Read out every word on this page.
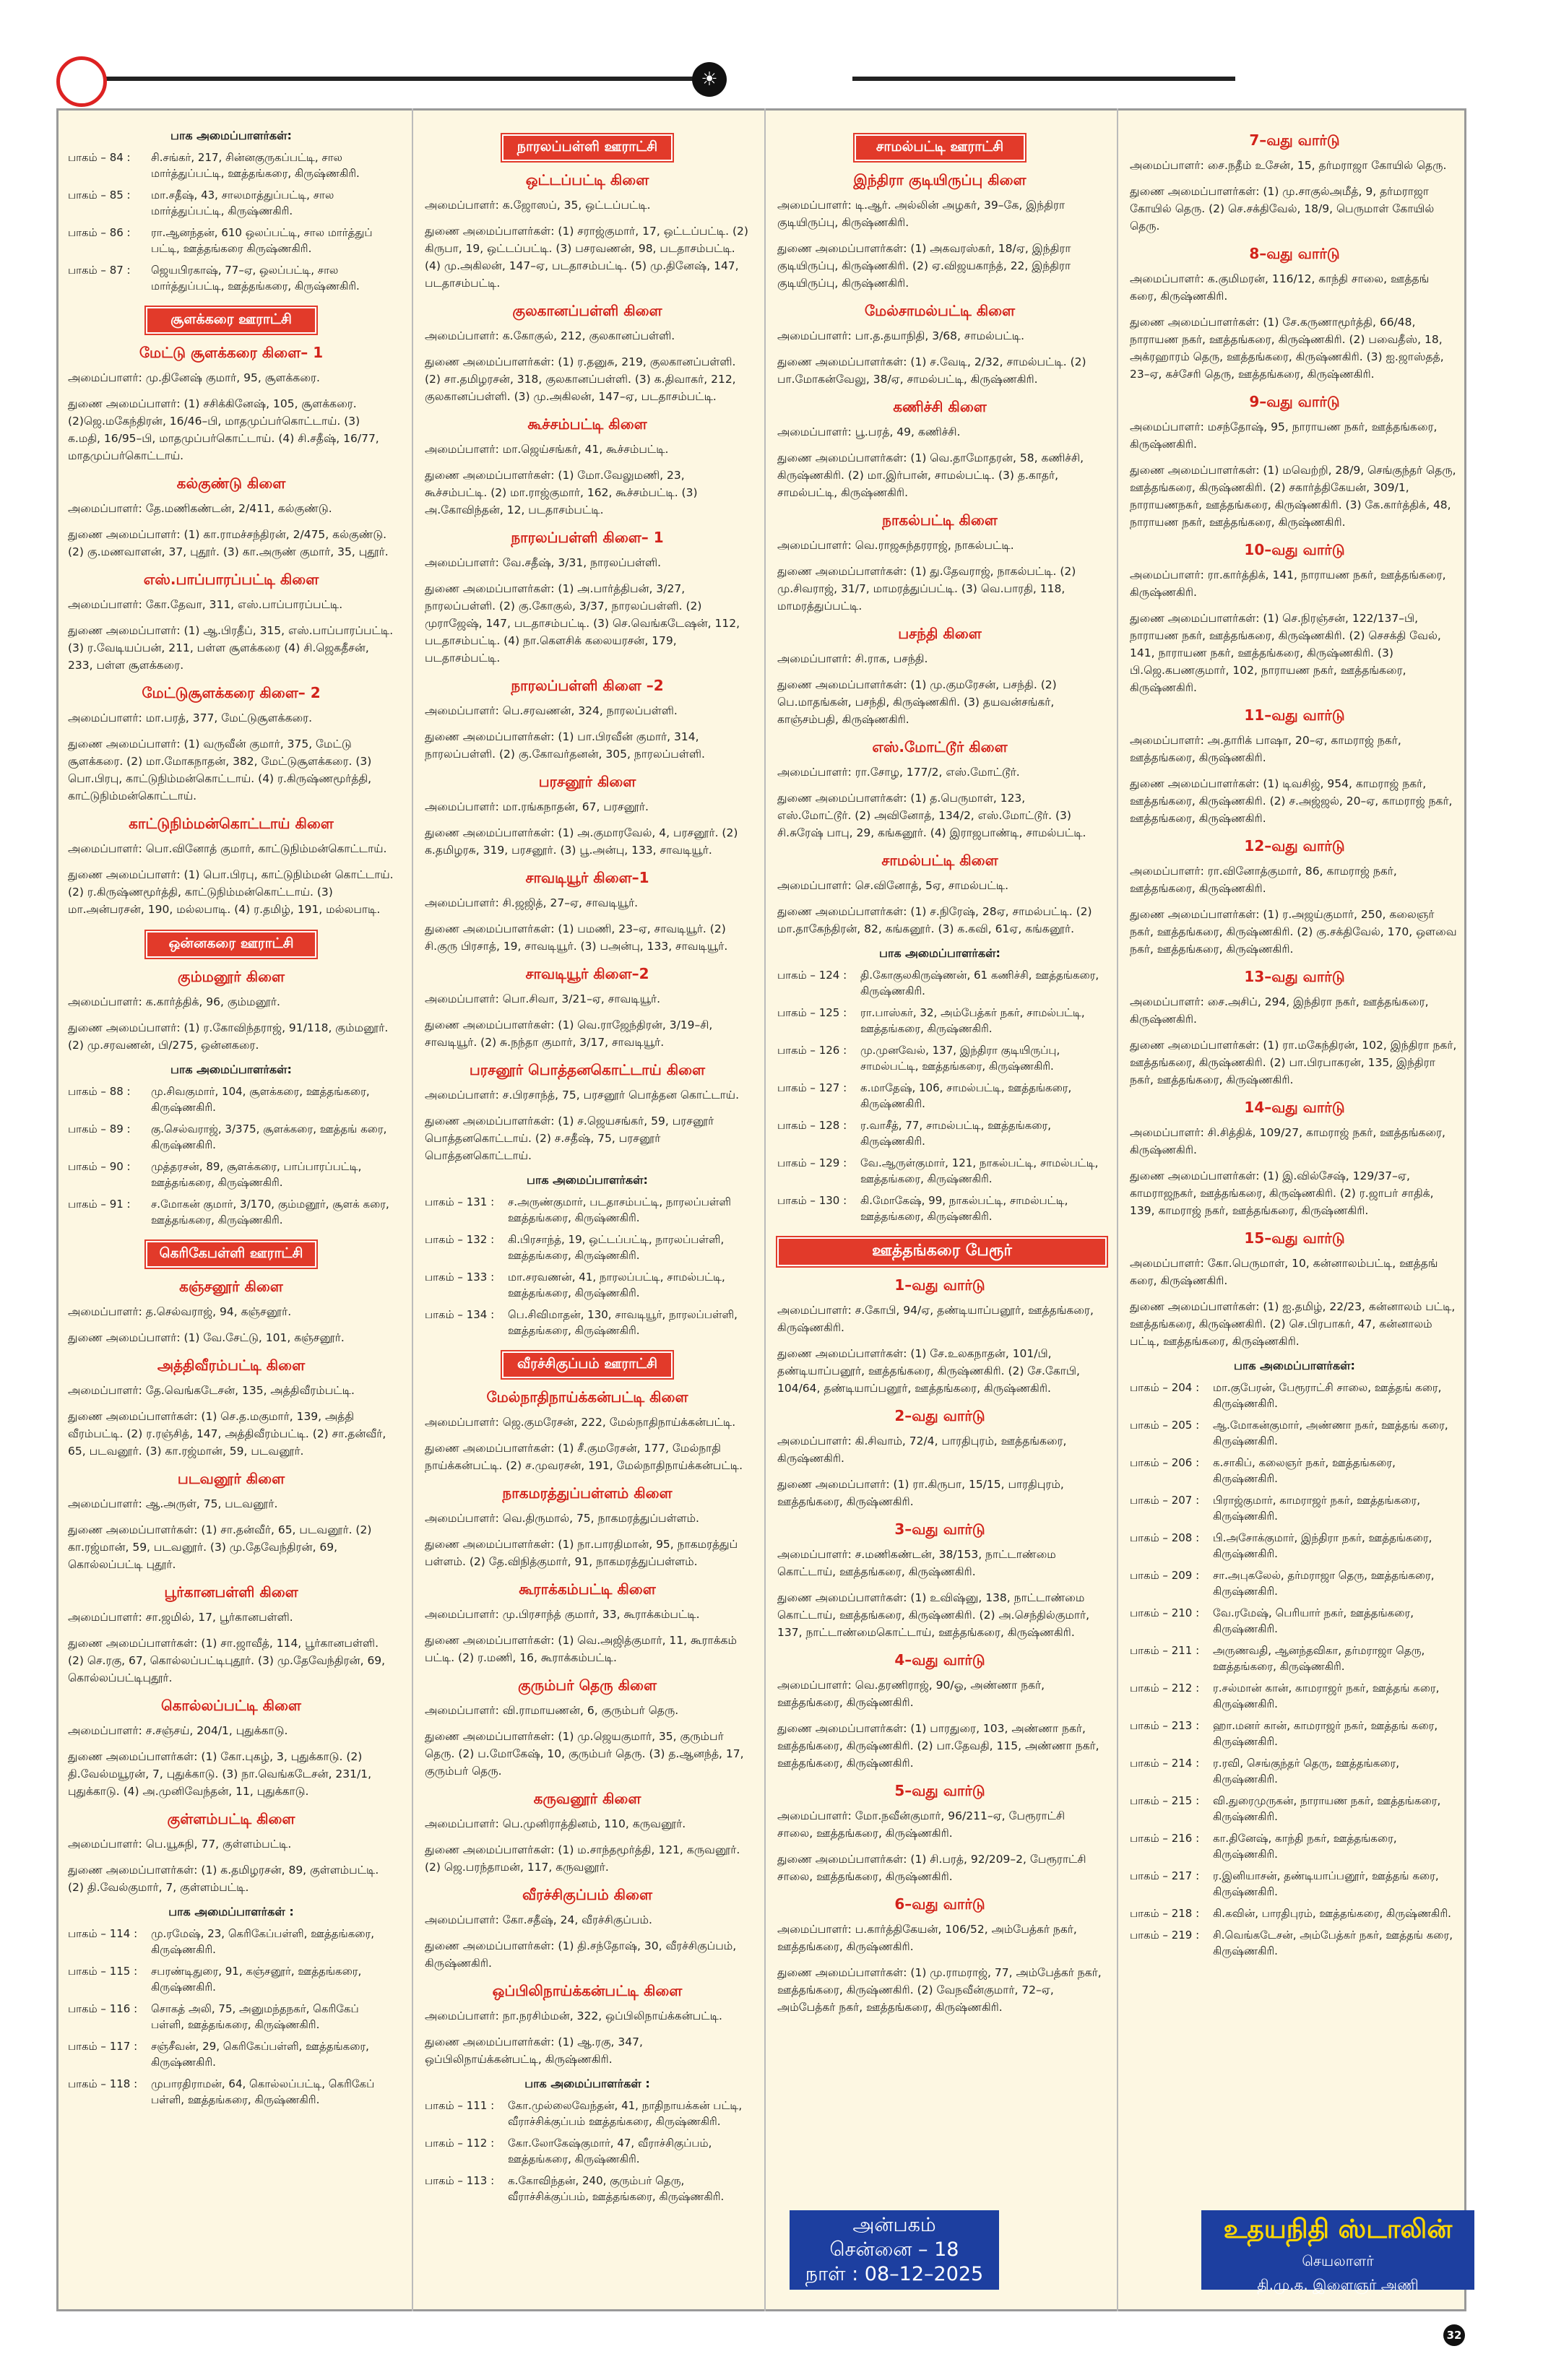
☀
பாக அமைப்பாளர்கள்:
பாகம் – 84 :	சி.சங்கர், 217, சின்னகுருகப்பட்டி, சால மார்த்துப்பட்டி, ஊத்தங்கரை, கிருஷ்ணகிரி.
பாகம் – 85 :	மா.சதீஷ், 43, சாலமாத்துப்பட்டி, சால மார்த்துப்பட்டி, கிருஷ்ணகிரி.
பாகம் – 86 :	ரா.ஆனந்தன், 610 ஒலப்பட்டி, சால மார்த்துப் பட்டி, ஊத்தங்கரை கிருஷ்ணகிரி.
பாகம் – 87 :	ஜெயபிரகாஷ், 77–ஏ, ஒலப்பட்டி, சால மார்த்துப்பட்டி, ஊத்தங்கரை, கிருஷ்ணகிரி.
சூளக்கரை ஊராட்சி
மேட்டு சூளக்கரை கிளை– 1

அமைப்பாளர்: மு.தினேஷ் குமார், 95, சூளக்கரை.

துணை அமைப்பாளர்: (1) சசிக்கினேஷ், 105, சூளக்கரை. (2)ஜெ.மகேந்திரன், 16/46–பி, மாதமுப்பர்கொட்டாய். (3) க.மதி, 16/95–பி, மாதமுப்பர்கொட்டாய். (4) சி.சதீஷ், 16/77, மாதமுப்பர்கொட்டாய்.

கல்குண்டு கிளை

அமைப்பாளர்: தே.மணிகண்டன், 2/411, கல்குண்டு.

துணை அமைப்பாளர்: (1) கா.ராமச்சந்திரன், 2/475, கல்குண்டு. (2) கு.மணவாளன், 37, புதூர். (3) கா.அருண் குமார், 35, புதூர்.

எஸ்.பாப்பாரப்பட்டி கிளை

அமைப்பாளர்: கோ.தேவா, 311, எஸ்.பாப்பாரப்பட்டி.

துணை அமைப்பாளர்: (1) ஆ.பிரதீப், 315, எஸ்.பாப்பாரப்பட்டி. (3) ர.வேடியப்பன், 211, பள்ள சூளக்கரை (4) சி.ஜெகதீசன், 233, பள்ள சூளக்கரை.

மேட்டுசூளக்கரை கிளை– 2

அமைப்பாளர்: மா.பரத், 377, மேட்டுசூளக்கரை.

துணை அமைப்பாளர்: (1) வருவீன் குமார், 375, மேட்டு சூளக்கரை. (2) மா.மோகநாதன், 382, மேட்டுசூளக்கரை. (3) பொ.பிரபு, காட்டுநிம்மன்கொட்டாய். (4) ர.கிருஷ்ணமூர்த்தி, காட்டுநிம்மன்கொட்டாய்.

காட்டுநிம்மன்கொட்டாய் கிளை

அமைப்பாளர்: பொ.வினோத் குமார், காட்டுநிம்மன்கொட்டாய்.

துணை அமைப்பாளர்: (1) பொ.பிரபு, காட்டுநிம்மன் கொட்டாய். (2) ர.கிருஷ்ணமூர்த்தி, காட்டுநிம்மன்கொட்டாய். (3) மா.அன்பரசன், 190, மல்லபாடி. (4) ர.தமிழ், 191, மல்லபாடி.

ஒன்னகரை ஊராட்சி
கும்மனூர் கிளை

அமைப்பாளர்: க.கார்த்திக், 96, கும்மனூர்.

துணை அமைப்பாளர்: (1) ர.கோவிந்தராஜ், 91/118, கும்மனூர். (2) மு.சரவணன், பி/275, ஒன்னகரை.

பாக அமைப்பாளர்கள்:
பாகம் – 88 :	மு.சிவகுமார், 104, சூளக்கரை, ஊத்தங்கரை, கிருஷ்ணகிரி.
பாகம் – 89 :	கு.செல்வராஜ், 3/375, சூளக்கரை, ஊத்தங் கரை, கிருஷ்ணகிரி.
பாகம் – 90 :	முத்தரசன், 89, சூளக்கரை, பாப்பாரப்பட்டி, ஊத்தங்கரை, கிருஷ்ணகிரி.
பாகம் – 91 :	ச.மோகன் குமார், 3/170, கும்மனூர், சூளக் கரை, ஊத்தங்கரை, கிருஷ்ணகிரி.
கெரிகேபள்ளி ஊராட்சி
கஞ்சனூர் கிளை

அமைப்பாளர்: த.செல்வராஜ், 94, கஞ்சனூர்.

துணை அமைப்பாளர்: (1) வே.சேட்டு, 101, கஞ்சனூர்.

அத்திவீரம்பட்டி கிளை

அமைப்பாளர்: தே.வெங்கடேசன், 135, அத்திவீரம்பட்டி.

துணை அமைப்பாளர்கள்: (1) செ.த.மகுமார், 139, அத்தி வீரம்பட்டி. (2) ர.ரஞ்சித், 147, அத்திவீரம்பட்டி. (2) சா.தன்வீர், 65, படவனூர். (3) கா.ரஜ்மான், 59, படவனூர்.

படவனூர் கிளை

அமைப்பாளர்: ஆ.அருள், 75, படவனூர்.

துணை அமைப்பாளர்கள்: (1) சா.தன்வீர், 65, படவனூர். (2) கா.ரஜ்மான், 59, படவனூர். (3) மு.தேவேந்திரன், 69, கொல்லப்பட்டி புதூர்.

பூர்கானபள்ளி கிளை

அமைப்பாளர்: சா.ஜமில், 17, பூர்கானபள்ளி.

துணை அமைப்பாளர்கள்: (1) சா.ஜாவீத், 114, பூர்கானபள்ளி. (2) செ.ரகு, 67, கொல்லப்பட்டிபுதூர். (3) மு.தேவேந்திரன், 69, கொல்லப்பட்டிபுதூர்.

கொல்லப்பட்டி கிளை

அமைப்பாளர்: ச.சஞ்சய், 204/1, புதுக்காடு.

துணை அமைப்பாளர்கள்: (1) கோ.புகழ், 3, புதுக்காடு. (2) தி.வேல்மயூரன், 7, புதுக்காடு. (3) நா.வெங்கடேசன், 231/1, புதுக்காடு. (4) அ.முனிவேந்தன், 11, புதுக்காடு.

குள்ளம்பட்டி கிளை

அமைப்பாளர்: பெ.யூசுநி, 77, குள்ளம்பட்டி.

துணை அமைப்பாளர்கள்: (1) க.தமிழரசன், 89, குள்ளம்பட்டி. (2) தி.வேல்குமார், 7, குள்ளம்பட்டி.

பாக அமைப்பாளர்கள் :
பாகம் – 114 :	மு.ரமேஷ், 23, கெரிகேப்பள்ளி, ஊத்தங்கரை, கிருஷ்ணகிரி.
பாகம் – 115 :	சபரண்டிதுரை, 91, கஞ்சனூர், ஊத்தங்கரை, கிருஷ்ணகிரி.
பாகம் – 116 :	சொகத் அலி, 75, அனுமந்தநகர், கெரிகேப் பள்ளி, ஊத்தங்கரை, கிருஷ்ணகிரி.
பாகம் – 117 :	சஞ்சீவன், 29, கெரிகேப்பள்ளி, ஊத்தங்கரை, கிருஷ்ணகிரி.
பாகம் – 118 :	முபாரதிராமன், 64, கொல்லப்பட்டி, கெரிகேப் பள்ளி, ஊத்தங்கரை, கிருஷ்ணகிரி.
நாரலப்பள்ளி ஊராட்சி
ஒட்டப்பட்டி கிளை

அமைப்பாளர்: க.ஜோஸப், 35, ஒட்டப்பட்டி.

துணை அமைப்பாளர்கள்: (1) சராஜ்குமார், 17, ஒட்டப்பட்டி. (2) கிருபா, 19, ஒட்டப்பட்டி. (3) பசரவணன், 98, படதாசம்பட்டி. (4) மு.அகிலன், 147–ஏ, படதாசம்பட்டி. (5) மு.தினேஷ், 147, படதாசம்பட்டி.

குலகானப்பள்ளி கிளை

அமைப்பாளர்: க.கோகுல், 212, குலகானப்பள்ளி.

துணை அமைப்பாளர்கள்: (1) ர.தனுசு, 219, குலகானப்பள்ளி. (2) சா.தமிழரசன், 318, குலகானப்பள்ளி. (3) க.திவாகர், 212, குலகானப்பள்ளி. (3) மு.அகிலன், 147–ஏ, படதாசம்பட்டி.

கூச்சம்பட்டி கிளை

அமைப்பாளர்: மா.ஜெய்சங்கர், 41, கூச்சம்பட்டி.

துணை அமைப்பாளர்கள்: (1) மோ.வேலுமணி, 23, கூச்சம்பட்டி. (2) மா.ராஜ்குமார், 162, கூச்சம்பட்டி. (3) அ.கோவிந்தன், 12, படதாசம்பட்டி.

நாரலப்பள்ளி கிளை– 1

அமைப்பாளர்: வே.சதீஷ், 3/31, நாரலப்பள்ளி.

துணை அமைப்பாளர்கள்: (1) அ.பார்த்திபன், 3/27, நாரலப்பள்ளி. (2) கு.கோகுல், 3/37, நாரலப்பள்ளி. (2) முராஜேஷ், 147, படதாசம்பட்டி. (3) செ.வெங்கடேஷன், 112, படதாசம்பட்டி. (4) நா.கௌசிக் கலையரசன், 179, படதாசம்பட்டி.

நாரலப்பள்ளி கிளை –2

அமைப்பாளர்: பெ.சரவணன், 324, நாரலப்பள்ளி.

துணை அமைப்பாளர்கள்: (1) பா.பிரவீன் குமார், 314, நாரலப்பள்ளி. (2) கு.கோவர்தனன், 305, நாரலப்பள்ளி.

பரசனூர் கிளை

அமைப்பாளர்: மா.ரங்கநாதன், 67, பரசனூர்.

துணை அமைப்பாளர்கள்: (1) அ.குமாரவேல், 4, பரசனூர். (2) க.தமிழரசு, 319, பரசனூர். (3) பூ.அன்பு, 133, சாவடியூர்.

சாவடியூர் கிளை–1

அமைப்பாளர்: சி.ஜஜித், 27–ஏ, சாவடியூர்.

துணை அமைப்பாளர்கள்: (1) பமணி, 23–ஏ, சாவடியூர். (2) சி.குரு பிரசாத், 19, சாவடியூர். (3) பஅன்பு, 133, சாவடியூர்.

சாவடியூர் கிளை–2

அமைப்பாளர்: பொ.சிவா, 3/21–ஏ, சாவடியூர்.

துணை அமைப்பாளர்கள்: (1) வெ.ராஜேந்திரன், 3/19–சி, சாவடியூர். (2) சு.நந்தா குமார், 3/17, சாவடியூர்.

பரசனூர் பொத்தனகொட்டாய் கிளை

அமைப்பாளர்: ச.பிரசாந்த், 75, பரசனூர் பொத்தன கொட்டாய்.

துணை அமைப்பாளர்கள்: (1) ச.ஜெயசங்கர், 59, பரசனூர் பொத்தனகொட்டாய். (2) ச.சதீஷ், 75, பரசனூர் பொத்தனகொட்டாய்.

பாக அமைப்பாளர்கள்:
பாகம் – 131 :	ச.அருண்குமார், படதாசம்பட்டி, நாரலப்பள்ளி ஊத்தங்கரை, கிருஷ்ணகிரி.
பாகம் – 132 :	கி.பிரசாந்த், 19, ஒட்டப்பட்டி, நாரலப்பள்ளி, ஊத்தங்கரை, கிருஷ்ணகிரி.
பாகம் – 133 :	மா.சரவணன், 41, நாரலப்பட்டி, சாமல்பட்டி, ஊத்தங்கரை, கிருஷ்ணகிரி.
பாகம் – 134 :	பெ.சிவிமாதன், 130, சாவடியூர், நாரலப்பள்ளி, ஊத்தங்கரை, கிருஷ்ணகிரி.
வீரச்சிகுப்பம் ஊராட்சி
மேல்நாதிநாய்க்கன்பட்டி கிளை

அமைப்பாளர்: ஜெ.குமரேசன், 222, மேல்நாதிநாய்க்கன்பட்டி.

துணை அமைப்பாளர்கள்: (1) சீ.குமரேசன், 177, மேல்நாதி நாய்க்கன்பட்டி. (2) ச.முவரசன், 191, மேல்நாதிநாய்க்கன்பட்டி.

நாகமரத்துப்பள்ளம் கிளை

அமைப்பாளர்: வெ.திருமால், 75, நாகமரத்துப்பள்ளம்.

துணை அமைப்பாளர்கள்: (1) நா.பாரதிமான், 95, நாகமரத்துப் பள்ளம். (2) தே.விநித்குமார், 91, நாகமரத்துப்பள்ளம்.

கூராக்கம்பட்டி கிளை

அமைப்பாளர்: மு.பிரசாந்த் குமார், 33, கூராக்கம்பட்டி.

துணை அமைப்பாளர்கள்: (1) வெ.அஜித்குமார், 11, கூராக்கம் பட்டி. (2) ர.மணி, 16, கூராக்கம்பட்டி.

குரும்பர் தெரு கிளை

அமைப்பாளர்: வி.ராமாயணன், 6, குரும்பர் தெரு.

துணை அமைப்பாளர்கள்: (1) மு.ஜெயகுமார், 35, குரும்பர் தெரு. (2) ப.மோகேஷ், 10, குரும்பர் தெரு. (3) த.ஆனந்த், 17, குரும்பர் தெரு.

கருவனூர் கிளை

அமைப்பாளர்: பெ.முனிராத்தினம், 110, கருவனூர்.

துணை அமைப்பாளர்கள்: (1) ம.சாந்தமூர்த்தி, 121, கருவனூர். (2) ஜெ.பரந்தாமன், 117, கருவனூர்.

வீரச்சிகுப்பம் கிளை

அமைப்பாளர்: கோ.சதீஷ், 24, வீரச்சிகுப்பம்.

துணை அமைப்பாளர்கள்: (1) தி.சந்தோஷ், 30, வீரச்சிகுப்பம், கிருஷ்ணகிரி.

ஒப்பிலிநாய்க்கன்பட்டி கிளை

அமைப்பாளர்: நா.நரசிம்மன், 322, ஒப்பிலிநாய்க்கன்பட்டி.

துணை அமைப்பாளர்கள்: (1) ஆ.ரகு, 347, ஒப்பிலிநாய்க்கன்பட்டி, கிருஷ்ணகிரி.

பாக அமைப்பாளர்கள் :
பாகம் – 111 :	கோ.முல்லைவேந்தன், 41, நாதிநாயக்கன் பட்டி, வீராச்சிக்குப்பம் ஊத்தங்கரை, கிருஷ்ணகிரி.
பாகம் – 112 :	கோ.லோகேஷ்குமார், 47, வீராச்சிகுப்பம், ஊத்தங்கரை, கிருஷ்ணகிரி.
பாகம் – 113 :	க.கோவிந்தன், 240, குரும்பர் தெரு, வீராச்சிக்குப்பம், ஊத்தங்கரை, கிருஷ்ணகிரி.
சாமல்பட்டி ஊராட்சி
இந்திரா குடியிருப்பு கிளை

அமைப்பாளர்: டி.ஆர். அல்லின் அழகர், 39–கே, இந்திரா குடியிருப்பு, கிருஷ்ணகிரி.

துணை அமைப்பாளர்கள்: (1) அகவரஸ்கர், 18/ஏ, இந்திரா குடியிருப்பு, கிருஷ்ணகிரி. (2) ஏ.விஜயகாந்த், 22, இந்திரா குடியிருப்பு, கிருஷ்ணகிரி.

மேல்சாமல்பட்டி கிளை

அமைப்பாளர்: பா.த.தயாநிதி, 3/68, சாமல்பட்டி.

துணை அமைப்பாளர்கள்: (1) ச.வேடி, 2/32, சாமல்பட்டி. (2) பா.மோகன்வேலு, 38/ஏ, சாமல்பட்டி, கிருஷ்ணகிரி.

கணிச்சி கிளை

அமைப்பாளர்: பூ.பரத், 49, கணிச்சி.

துணை அமைப்பாளர்கள்: (1) வெ.தாமோதரன், 58, கணிச்சி, கிருஷ்ணகிரி. (2) மா.இர்பான், சாமல்பட்டி. (3) த.காதர், சாமல்பட்டி, கிருஷ்ணகிரி.

நாகல்பட்டி கிளை

அமைப்பாளர்: வெ.ராஜசுந்தரராஜ், நாகல்பட்டி.

துணை அமைப்பாளர்கள்: (1) து.தேவராஜ், நாகல்பட்டி. (2) மு.சிவராஜ், 31/7, மாமரத்துப்பட்டி. (3) வெ.பாரதி, 118, மாமரத்துப்பட்டி.

பசந்தி கிளை

அமைப்பாளர்: சி.ராக, பசந்தி.

துணை அமைப்பாளர்கள்: (1) மு.குமரேசன், பசந்தி. (2) பெ.மாதங்கன், பசந்தி, கிருஷ்ணகிரி. (3) தயவன்சங்கர், காஞ்சம்பதி, கிருஷ்ணகிரி.

எஸ்.மோட்டூர் கிளை

அமைப்பாளர்: ரா.சோழ, 177/2, எஸ்.மோட்டூர்.

துணை அமைப்பாளர்கள்: (1) த.பெருமாள், 123, எஸ்.மோட்டூர். (2) அவினோத், 134/2, எஸ்.மோட்டூர். (3) சி.சுரேஷ் பாபு, 29, கங்கனூர். (4) இராஜபாண்டி, சாமல்பட்டி.

சாமல்பட்டி கிளை

அமைப்பாளர்: செ.வினோத், 5ஏ, சாமல்பட்டி.

துணை அமைப்பாளர்கள்: (1) ச.நிரேஷ், 28ஏ, சாமல்பட்டி. (2) மா.தாகேந்திரன், 82, கங்கனூர். (3) க.கவி, 61ஏ, கங்கனூர்.

பாக அமைப்பாளர்கள்:
பாகம் – 124 :	தி.கோகுலகிருஷ்ணன், 61 கணிச்சி, ஊத்தங்கரை, கிருஷ்ணகிரி.
பாகம் – 125 :	ரா.பாஸ்கர், 32, அம்பேத்கர் நகர், சாமல்பட்டி, ஊத்தங்கரை, கிருஷ்ணகிரி.
பாகம் – 126 :	மு.முனவேல், 137, இந்திரா குடியிருப்பு, சாமல்பட்டி, ஊத்தங்கரை, கிருஷ்ணகிரி.
பாகம் – 127 :	க.மாதேஷ், 106, சாமல்பட்டி, ஊத்தங்கரை, கிருஷ்ணகிரி.
பாகம் – 128 :	ர.வாசீத், 77, சாமல்பட்டி, ஊத்தங்கரை, கிருஷ்ணகிரி.
பாகம் – 129 :	வே.ஆருள்குமார், 121, நாகல்பட்டி, சாமல்பட்டி, ஊத்தங்கரை, கிருஷ்ணகிரி.
பாகம் – 130 :	கி.மோகேஷ், 99, நாகல்பட்டி, சாமல்பட்டி, ஊத்தங்கரை, கிருஷ்ணகிரி.
ஊத்தங்கரை பேரூர்
1–வது வார்டு

அமைப்பாளர்: ச.கோபி, 94/ஏ, தண்டியாப்பனூர், ஊத்தங்கரை, கிருஷ்ணகிரி.

துணை அமைப்பாளர்கள்: (1) சே.உலகநாதன், 101/பி, தண்டியாப்பனூர், ஊத்தங்கரை, கிருஷ்ணகிரி. (2) சே.கோபி, 104/64, தண்டியாப்பனூர், ஊத்தங்கரை, கிருஷ்ணகிரி.

2–வது வார்டு

அமைப்பாளர்: கி.சிவாம், 72/4, பாரதிபுரம், ஊத்தங்கரை, கிருஷ்ணகிரி.

துணை அமைப்பாளர்: (1) ரா.கிருபா, 15/15, பாரதிபுரம், ஊத்தங்கரை, கிருஷ்ணகிரி.

3–வது வார்டு

அமைப்பாளர்: ச.மணிகண்டன், 38/153, நாட்டாண்மை கொட்டாய், ஊத்தங்கரை, கிருஷ்ணகிரி.

துணை அமைப்பாளர்கள்: (1) உவிஷ்னு, 138, நாட்டாண்மை கொட்டாய், ஊத்தங்கரை, கிருஷ்ணகிரி. (2) அ.செந்தில்குமார், 137, நாட்டாண்மைகொட்டாய், ஊத்தங்கரை, கிருஷ்ணகிரி.

4–வது வார்டு

அமைப்பாளர்: வெ.தரணிராஜ், 90/ஓ, அண்ணா நகர், ஊத்தங்கரை, கிருஷ்ணகிரி.

துணை அமைப்பாளர்கள்: (1) பாரதுரை, 103, அண்ணா நகர், ஊத்தங்கரை, கிருஷ்ணகிரி. (2) பா.தேவதி, 115, அண்ணா நகர், ஊத்தங்கரை, கிருஷ்ணகிரி.

5–வது வார்டு

அமைப்பாளர்: மோ.நவீன்குமார், 96/211–ஏ, பேரூராட்சி சாலை, ஊத்தங்கரை, கிருஷ்ணகிரி.

துணை அமைப்பாளர்கள்: (1) சி.பரத், 92/209–2, பேரூராட்சி சாலை, ஊத்தங்கரை, கிருஷ்ணகிரி.

6–வது வார்டு

அமைப்பாளர்: ப.கார்த்திகேயன், 106/52, அம்பேத்கர் நகர், ஊத்தங்கரை, கிருஷ்ணகிரி.

துணை அமைப்பாளர்கள்: (1) மு.ராமராஜ், 77, அம்பேத்கர் நகர், ஊத்தங்கரை, கிருஷ்ணகிரி. (2) வேநவீன்குமார், 72–ஏ, அம்பேத்கர் நகர், ஊத்தங்கரை, கிருஷ்ணகிரி.

7–வது வார்டு

அமைப்பாளர்: சை.நதீம் உசேன், 15, தர்மராஜா கோயில் தெரு.

துணை அமைப்பாளர்கள்: (1) மு.சாகுல்அமீத், 9, தர்மராஜா கோயில் தெரு. (2) செ.சக்திவேல், 18/9, பெருமாள் கோயில் தெரு.

8–வது வார்டு

அமைப்பாளர்: க.குமிமரன், 116/12, காந்தி சாலை, ஊத்தங் கரை, கிருஷ்ணகிரி.

துணை அமைப்பாளர்கள்: (1) சே.கருணாமூர்த்தி, 66/48, நாராயண நகர், ஊத்தங்கரை, கிருஷ்ணகிரி. (2) பவைதீஸ், 18, அக்ரஹாரம் தெரு, ஊத்தங்கரை, கிருஷ்ணகிரி. (3) ஐ.ஜாஸ்தத், 23–ஏ, கச்சேரி தெரு, ஊத்தங்கரை, கிருஷ்ணகிரி.

9–வது வார்டு

அமைப்பாளர்: மசந்தோஷ், 95, நாராயண நகர், ஊத்தங்கரை, கிருஷ்ணகிரி.

துணை அமைப்பாளர்கள்: (1) மவெற்றி, 28/9, செங்குந்தர் தெரு, ஊத்தங்கரை, கிருஷ்ணகிரி. (2) சகார்த்திகேயன், 309/1, நாராயணநகர், ஊத்தங்கரை, கிருஷ்ணகிரி. (3) கே.கார்த்திக், 48, நாராயண நகர், ஊத்தங்கரை, கிருஷ்ணகிரி.

10–வது வார்டு

அமைப்பாளர்: ரா.கார்த்திக், 141, நாராயண நகர், ஊத்தங்கரை, கிருஷ்ணகிரி.

துணை அமைப்பாளர்கள்: (1) செ.நிரஞ்சன், 122/137–பி, நாராயண நகர், ஊத்தங்கரை, கிருஷ்ணகிரி. (2) செசக்தி வேல், 141, நாராயண நகர், ஊத்தங்கரை, கிருஷ்ணகிரி. (3) பி.ஜெ.கபணகுமார், 102, நாராயண நகர், ஊத்தங்கரை, கிருஷ்ணகிரி.

11–வது வார்டு

அமைப்பாளர்: அ.தாரிக் பாஷா, 20–ஏ, காமராஜ் நகர், ஊத்தங்கரை, கிருஷ்ணகிரி.

துணை அமைப்பாளர்கள்: (1) டிவசிஜ், 954, காமராஜ் நகர், ஊத்தங்கரை, கிருஷ்ணகிரி. (2) ச.அஜ்ஜல், 20–ஏ, காமராஜ் நகர், ஊத்தங்கரை, கிருஷ்ணகிரி.

12–வது வார்டு

அமைப்பாளர்: ரா.வினோத்குமார், 86, காமராஜ் நகர், ஊத்தங்கரை, கிருஷ்ணகிரி.

துணை அமைப்பாளர்கள்: (1) ர.அஜய்குமார், 250, கலைஞர் நகர், ஊத்தங்கரை, கிருஷ்ணகிரி. (2) கு.சக்திவேல், 170, ஒளவை நகர், ஊத்தங்கரை, கிருஷ்ணகிரி.

13–வது வார்டு

அமைப்பாளர்: சை.அசிப், 294, இந்திரா நகர், ஊத்தங்கரை, கிருஷ்ணகிரி.

துணை அமைப்பாளர்கள்: (1) ரா.மகேந்திரன், 102, இந்திரா நகர், ஊத்தங்கரை, கிருஷ்ணகிரி. (2) பா.பிரபாகரன், 135, இந்திரா நகர், ஊத்தங்கரை, கிருஷ்ணகிரி.

14–வது வார்டு

அமைப்பாளர்: சி.சித்திக், 109/27, காமராஜ் நகர், ஊத்தங்கரை, கிருஷ்ணகிரி.

துணை அமைப்பாளர்கள்: (1) இ.வில்சேஷ், 129/37–ஏ, காமராஜநகர், ஊத்தங்கரை, கிருஷ்ணகிரி. (2) ர.ஜாபர் சாதிக், 139, காமராஜ் நகர், ஊத்தங்கரை, கிருஷ்ணகிரி.

15–வது வார்டு

அமைப்பாளர்: கோ.பெருமாள், 10, கன்னாலம்பட்டி, ஊத்தங் கரை, கிருஷ்ணகிரி.

துணை அமைப்பாளர்கள்: (1) ஐ.தமிழ், 22/23, கன்னாலம் பட்டி, ஊத்தங்கரை, கிருஷ்ணகிரி. (2) செ.பிரபாகர், 47, கன்னாலம் பட்டி, ஊத்தங்கரை, கிருஷ்ணகிரி.

பாக அமைப்பாளர்கள்:
பாகம் – 204 :	மா.குபேரன், பேரூராட்சி சாலை, ஊத்தங் கரை, கிருஷ்ணகிரி.
பாகம் – 205 :	ஆ.மோகன்குமார், அண்ணா நகர், ஊத்தங் கரை, கிருஷ்ணகிரி.
பாகம் – 206 :	க.சாகிப், கலைஞர் நகர், ஊத்தங்கரை, கிருஷ்ணகிரி.
பாகம் – 207 :	பிராஜ்குமார், காமராஜர் நகர், ஊத்தங்கரை, கிருஷ்ணகிரி.
பாகம் – 208 :	பி.அசோக்குமார், இந்திரா நகர், ஊத்தங்கரை, கிருஷ்ணகிரி.
பாகம் – 209 :	சா.அபுகலேல், தர்மராஜா தெரு, ஊத்தங்கரை, கிருஷ்ணகிரி.
பாகம் – 210 :	வே.ரமேஷ், பெரியார் நகர், ஊத்தங்கரை, கிருஷ்ணகிரி.
பாகம் – 211 :	அருணவதி, ஆனந்தவிகா, தர்மராஜா தெரு, ஊத்தங்கரை, கிருஷ்ணகிரி.
பாகம் – 212 :	ர.சல்மான் கான், காமராஜர் நகர், ஊத்தங் கரை, கிருஷ்ணகிரி.
பாகம் – 213 :	ஹா.மனர் கான், காமராஜர் நகர், ஊத்தங் கரை, கிருஷ்ணகிரி.
பாகம் – 214 :	ர.ரவி, செங்குந்தர் தெரு, ஊத்தங்கரை, கிருஷ்ணகிரி.
பாகம் – 215 :	வி.துரைமுருகன், நாராயண நகர், ஊத்தங்கரை, கிருஷ்ணகிரி.
பாகம் – 216 :	கா.தினேஷ், காந்தி நகர், ஊத்தங்கரை, கிருஷ்ணகிரி.
பாகம் – 217 :	ர.இனியாசன், தண்டியாப்பனூர், ஊத்தங் கரை, கிருஷ்ணகிரி.
பாகம் – 218 :	கி.கவின், பாரதிபுரம், ஊத்தங்கரை, கிருஷ்ணகிரி.
பாகம் – 219 :	சி.வெங்கடேசன், அம்பேத்கர் நகர், ஊத்தங் கரை, கிருஷ்ணகிரி.
அன்பகம்
சென்னை – 18
நாள் : 08–12–2025
உதயநிதி ஸ்டாலின்
செயலாளர்
தி.மு.க. இளைஞர் அணி
32
